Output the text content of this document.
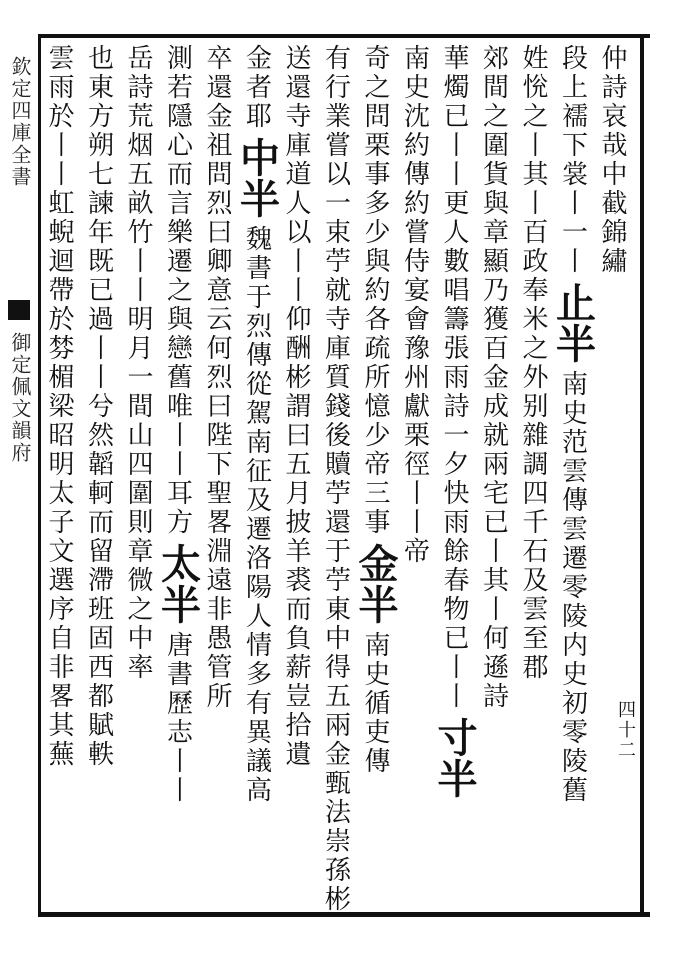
欽定四庫全書
御定佩文韻府
四十二
仲詩哀哉中截錦繡
段上襦下裳丨一丨止半南史范雲傳雲遷零陵内史初零陵舊
姓恱之丨其丨百政奉米之外别雜調四千石及雲至郡
郊間之圍貨與章顯乃獲百金成就兩宅已丨其丨何遜詩
華燭已丨丨更人數唱籌張雨詩一夕快雨餘春物已丨丨寸半
南史沈約傳約嘗侍宴會豫州獻栗徑丨丨帝
奇之問栗事多少與約各疏所憶少帝三事金半南史循吏傳
有行業嘗以一束苧就寺庫質錢後贖苧還于苧東中得五兩金甄法崇孫彬
送還寺庫道人以丨丨仰酬彬謂曰五月披羊裘而負薪豈拾遺
金者耶中半魏書于烈傳從駕南征及遷洛陽人情多有異議高
卒還金祖問烈曰卿意云何烈曰陛下聖畧淵遠非愚管所
測若隱心而言樂遷之與戀舊唯丨丨耳方太半唐書歷志丨丨
岳詩荒烟五畝竹丨丨明月一間山四圍則章微之中率
也東方朔七諫年既已過丨丨兮然韜軻而留滯班固西都賦軼
雲雨於丨丨虹蜺迴帶於棼楣梁昭明太子文選序自非畧其蕪
